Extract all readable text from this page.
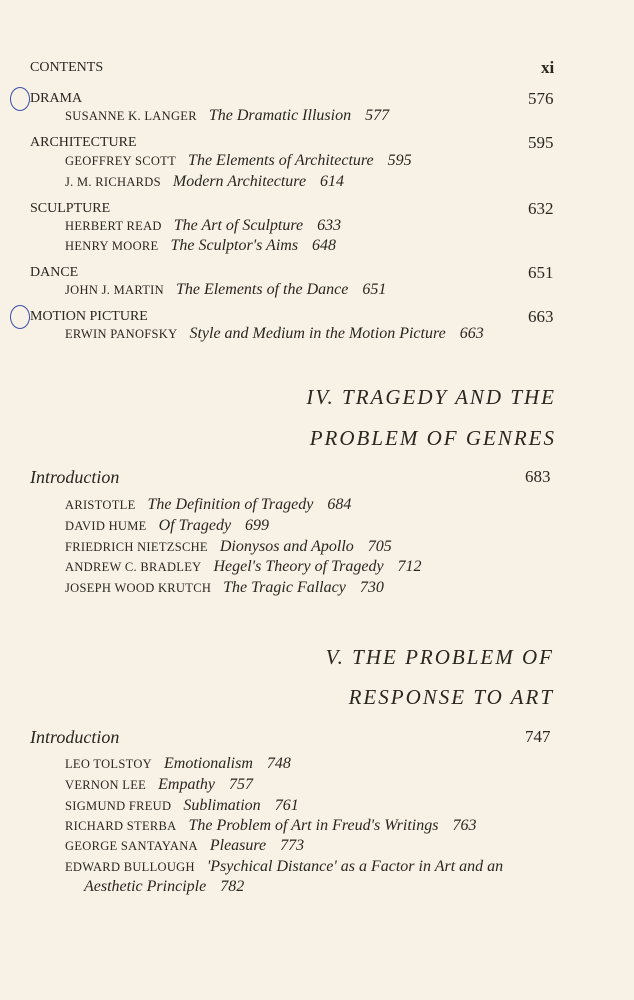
CONTENTS	xi
DRAMA	576
SUSANNE K. LANGER The Dramatic Illusion 577
ARCHITECTURE	595
GEOFFREY SCOTT The Elements of Architecture 595
J. M. RICHARDS Modern Architecture 614
SCULPTURE	632
HERBERT READ The Art of Sculpture 633
HENRY MOORE The Sculptor's Aims 648
DANCE	651
JOHN J. MARTIN The Elements of the Dance 651
MOTION PICTURE	663
ERWIN PANOFSKY Style and Medium in the Motion Picture 663
IV. TRAGEDY AND THE
PROBLEM OF GENRES
Introduction	683
ARISTOTLE The Definition of Tragedy 684
DAVID HUME Of Tragedy 699
FRIEDRICH NIETZSCHE Dionysos and Apollo 705
ANDREW C. BRADLEY Hegel's Theory of Tragedy 712
JOSEPH WOOD KRUTCH The Tragic Fallacy 730
V. THE PROBLEM OF
RESPONSE TO ART
Introduction	747
LEO TOLSTOY Emotionalism 748
VERNON LEE Empathy 757
SIGMUND FREUD Sublimation 761
RICHARD STERBA The Problem of Art in Freud's Writings 763
GEORGE SANTAYANA Pleasure 773
EDWARD BULLOUGH 'Psychical Distance' as a Factor in Art and an
Aesthetic Principle 782
